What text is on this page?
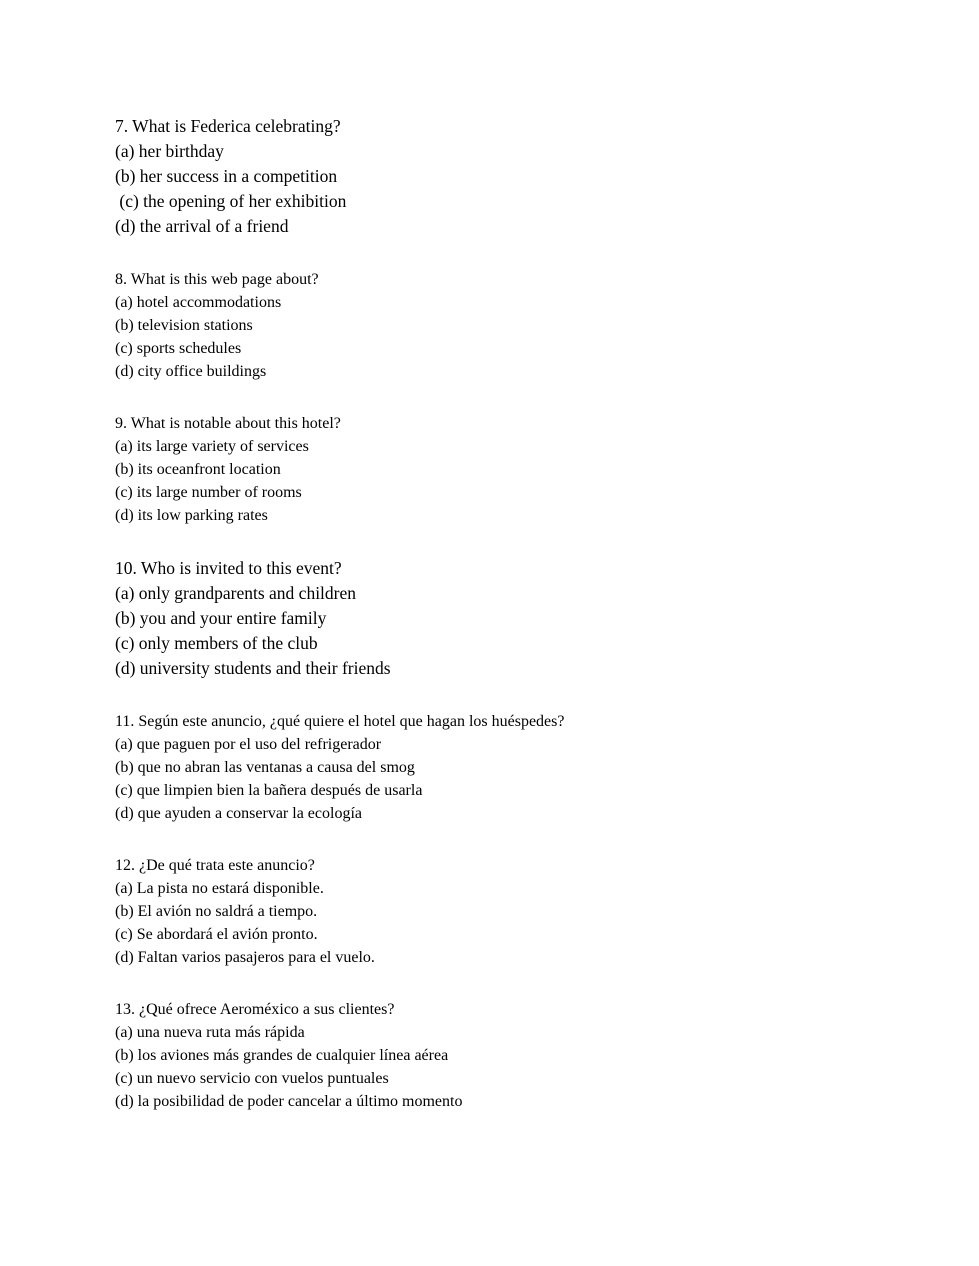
7. What is Federica celebrating?

(a) her birthday

(b) her success in a competition

(c) the opening of her exhibition

(d) the arrival of a friend

8. What is this web page about?

(a) hotel accommodations

(b) television stations

(c) sports schedules

(d) city office buildings

9. What is notable about this hotel?

(a) its large variety of services

(b) its oceanfront location

(c) its large number of rooms

(d) its low parking rates

10. Who is invited to this event?

(a) only grandparents and children

(b) you and your entire family

(c) only members of the club

(d) university students and their friends

11. Según este anuncio, ¿qué quiere el hotel que hagan los huéspedes?

(a) que paguen por el uso del refrigerador

(b) que no abran las ventanas a causa del smog

(c) que limpien bien la bañera después de usarla

(d) que ayuden a conservar la ecología

12. ¿De qué trata este anuncio?

(a) La pista no estará disponible.

(b) El avión no saldrá a tiempo.

(c) Se abordará el avión pronto.

(d) Faltan varios pasajeros para el vuelo.

13. ¿Qué ofrece Aeroméxico a sus clientes?

(a) una nueva ruta más rápida

(b) los aviones más grandes de cualquier línea aérea

(c) un nuevo servicio con vuelos puntuales

(d) la posibilidad de poder cancelar a último momento
